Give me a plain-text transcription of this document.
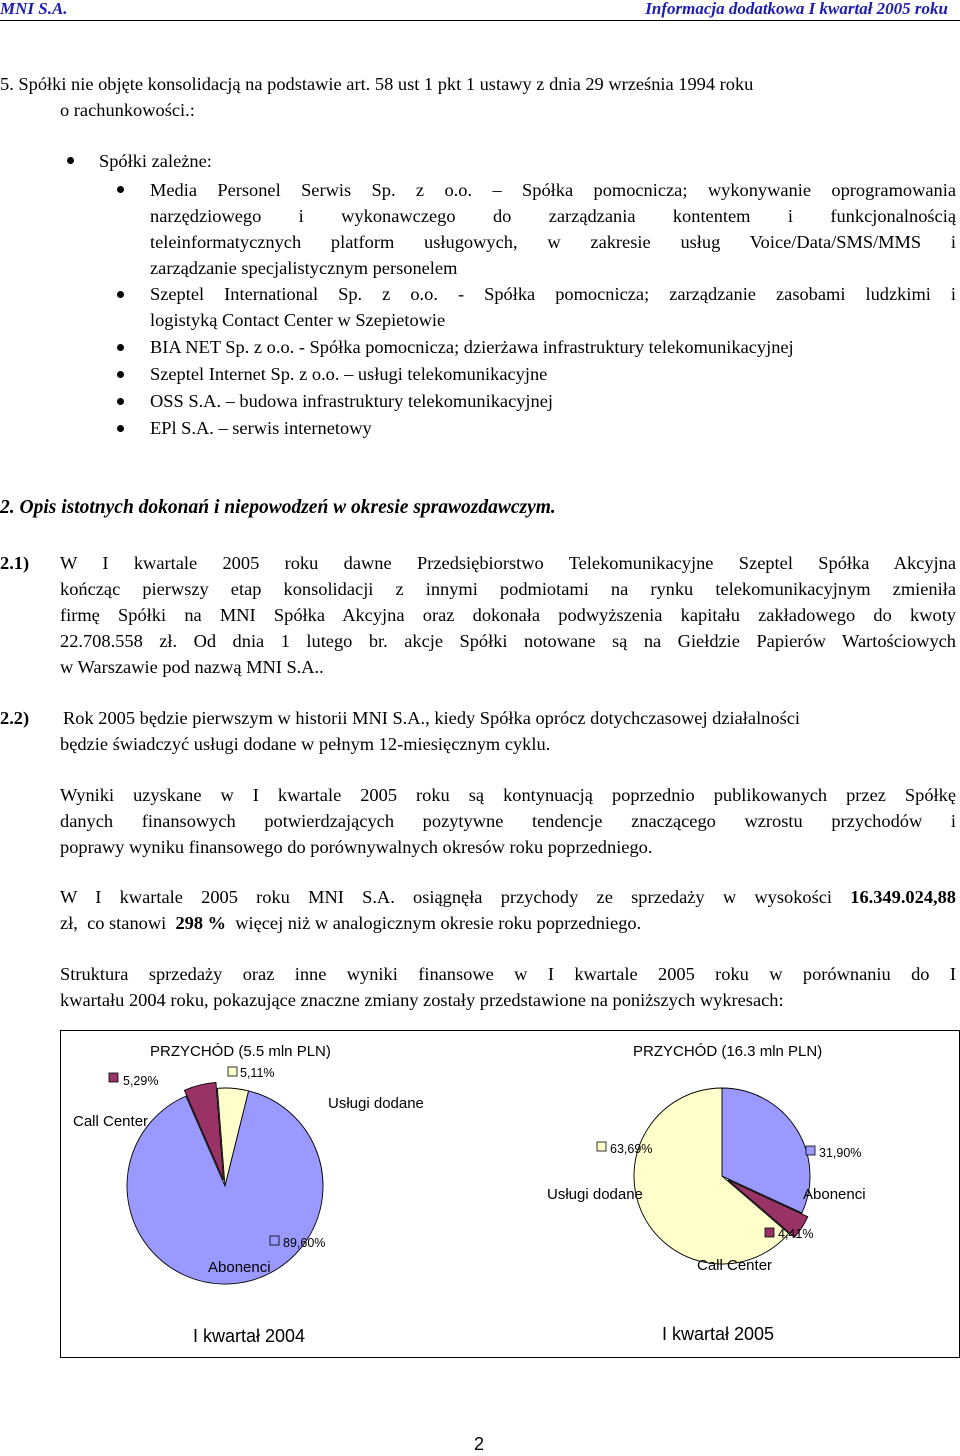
MNI S.A.	Informacja dodatkowa I kwartał 2005 roku
5. Spółki nie objęte konsolidacją na podstawie art. 58 ust 1 pkt 1 ustawy z dnia 29 września 1994 roku
o rachunkowości.:
Spółki zależne:
Media Personel Serwis Sp. z o.o. – Spółka pomocnicza; wykonywanie oprogramowania
narzędziowego i wykonawczego do zarządzania kontentem i funkcjonalnością
teleinformatycznych platform usługowych, w zakresie usług Voice/Data/SMS/MMS i
zarządzanie specjalistycznym personelem
Szeptel International Sp. z o.o. - Spółka pomocnicza; zarządzanie zasobami ludzkimi i
logistyką Contact Center w Szepietowie
BIA NET Sp. z o.o. - Spółka pomocnicza; dzierżawa infrastruktury telekomunikacyjnej
Szeptel Internet Sp. z o.o. – usługi telekomunikacyjne
OSS S.A. – budowa infrastruktury telekomunikacyjnej
EPl S.A. – serwis internetowy
2. Opis istotnych dokonań i niepowodzeń w okresie sprawozdawczym.
2.1) W I kwartale 2005 roku dawne Przedsiębiorstwo Telekomunikacyjne Szeptel Spółka Akcyjna
kończąc pierwszy etap konsolidacji z innymi podmiotami na rynku telekomunikacyjnym zmieniła
firmę Spółki na MNI Spółka Akcyjna oraz dokonała podwyższenia kapitału zakładowego do kwoty
22.708.558 zł. Od dnia 1 lutego br. akcje Spółki notowane są na Giełdzie Papierów Wartościowych
w Warszawie pod nazwą MNI S.A..
2.2) Rok 2005 będzie pierwszym w historii MNI S.A., kiedy Spółka oprócz dotychczasowej działalności
będzie świadczyć usługi dodane w pełnym 12-miesięcznym cyklu.
Wyniki uzyskane w I kwartale 2005 roku są kontynuacją poprzednio publikowanych przez Spółkę
danych finansowych potwierdzających pozytywne tendencje znaczącego wzrostu przychodów i
poprawy wyniku finansowego do porównywalnych okresów roku poprzedniego.
W I kwartale 2005 roku MNI S.A. osiągnęła przychody ze sprzedaży w wysokości 16.349.024,88
zł,  co stanowi  298 %  więcej niż w analogicznym okresie roku poprzedniego.
Struktura sprzedaży oraz inne wyniki finansowe w I kwartale 2005 roku w porównaniu do I
kwartału 2004 roku, pokazujące znaczne zmiany zostały przedstawione na poniższych wykresach:
PRZYCHÓD (5.5 mln PLN)
5,29%
5,11%
Call Center
Usługi dodane
89,60%
Abonenci
I kwartał 2004
PRZYCHÓD (16.3 mln PLN)
63,69%	31,90%
Usługi dodane	Abonenci
4,41%
Call Center
I kwartał 2005
2
